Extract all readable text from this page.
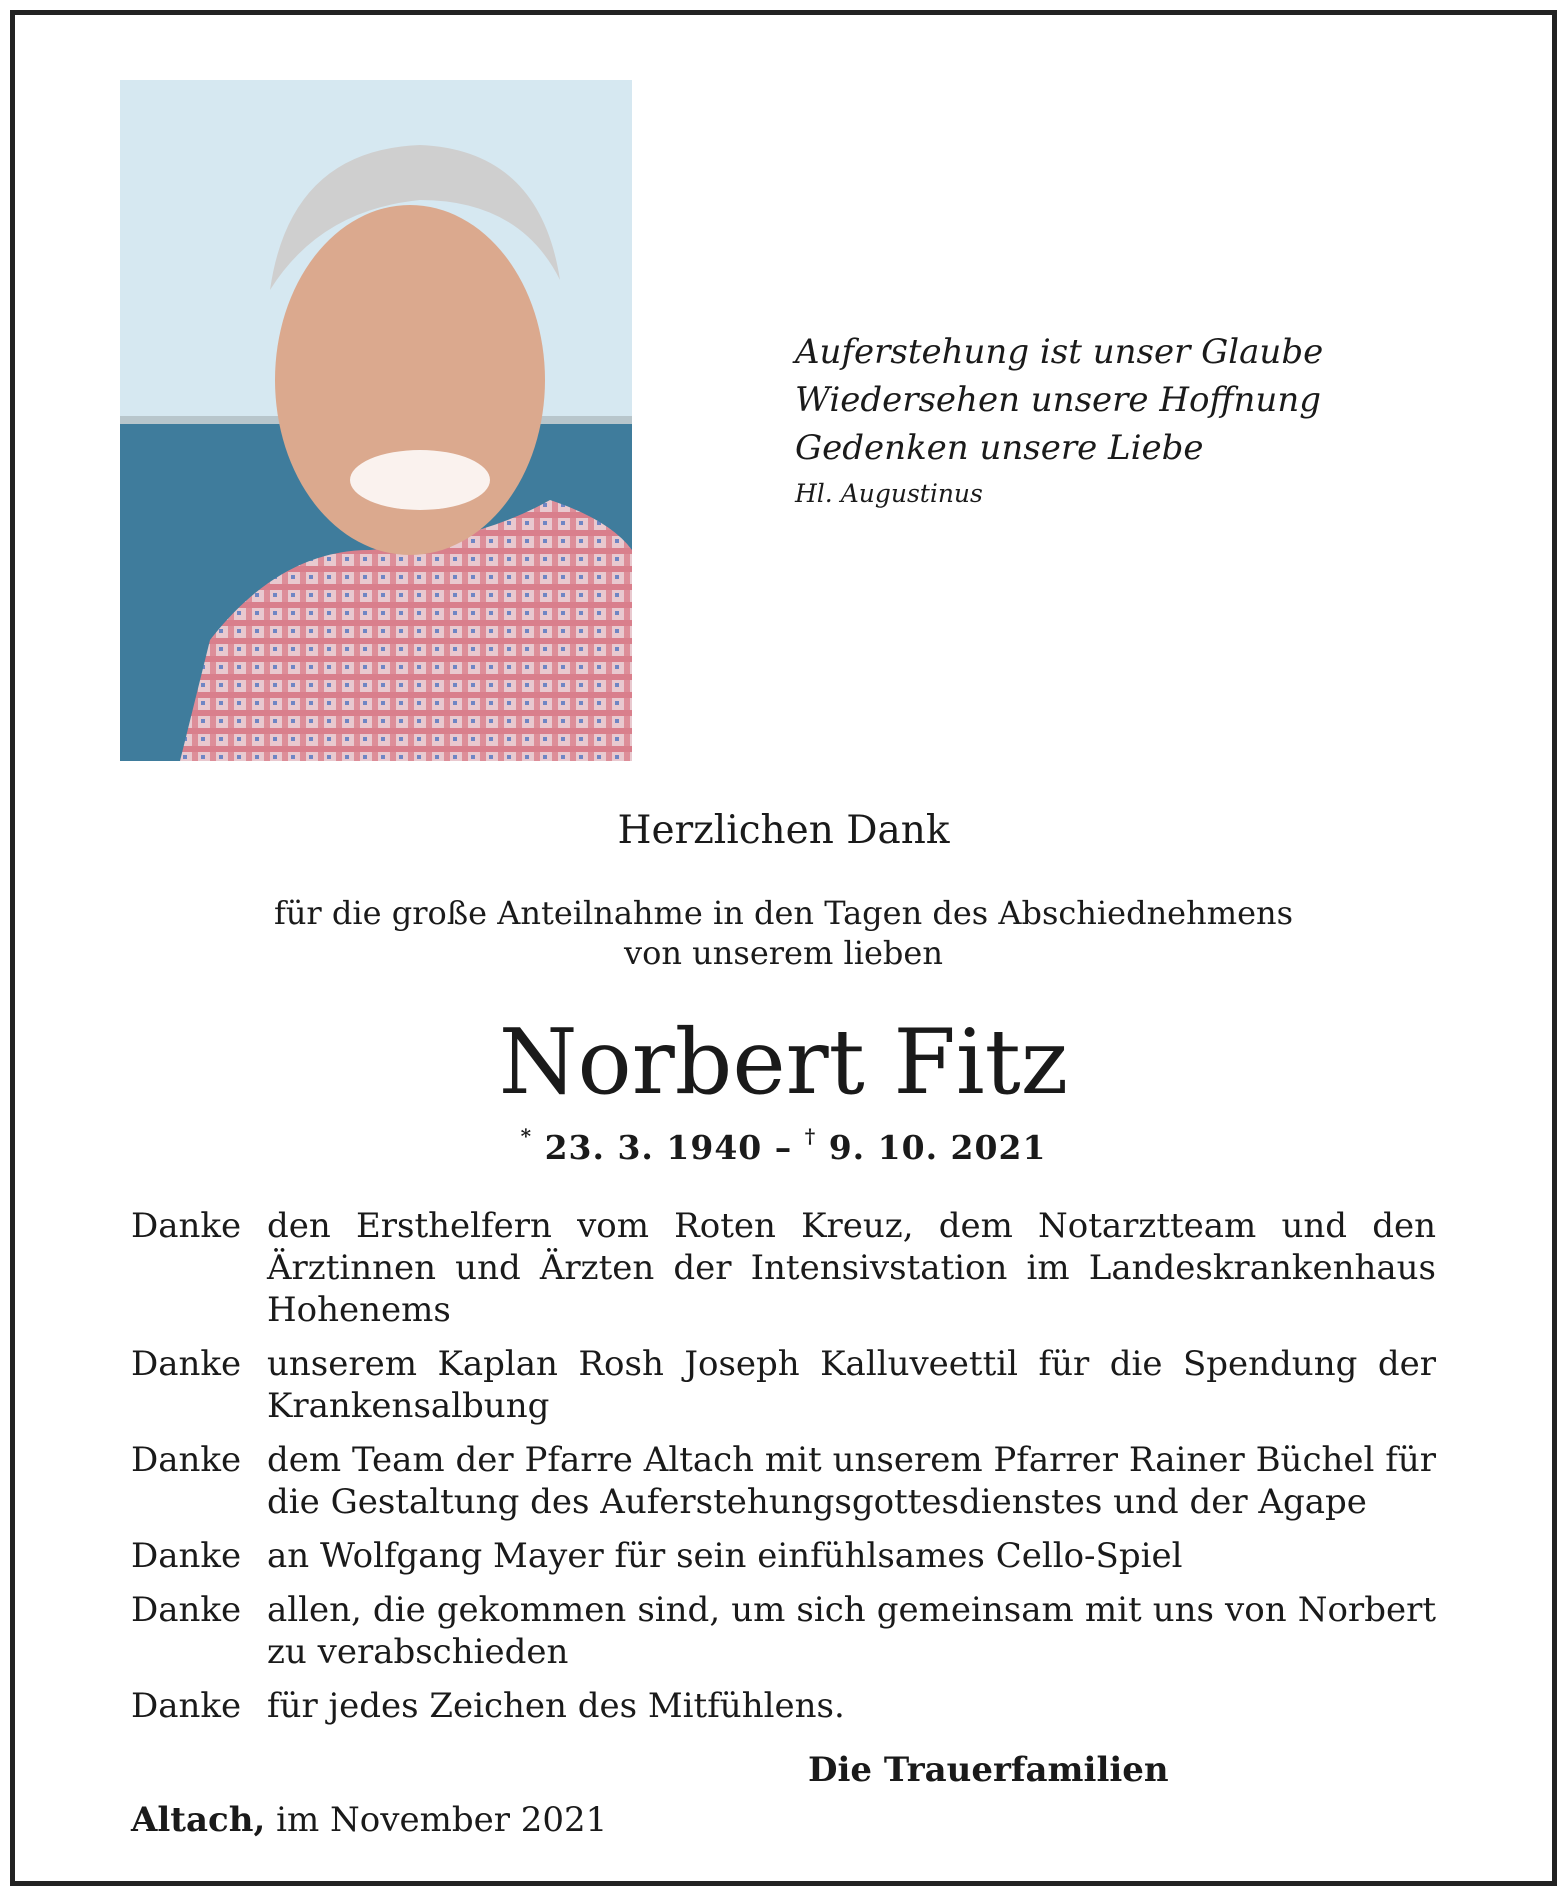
Auferstehung ist unser Glaube
Wiedersehen unsere Hoffnung
Gedenken unsere Liebe
Hl. Augustinus
Herzlichen Dank
für die große Anteilnahme in den Tagen des Abschiednehmens
von unserem lieben
Norbert Fitz
* 23. 3. 1940 – † 9. 10. 2021
Danke den Ersthelfern vom Roten Kreuz, dem Notarztteam und den Ärztinnen und Ärzten der Intensivstation im Landeskrankenhaus Hohenems
Danke unserem Kaplan Rosh Joseph Kalluveettil für die Spendung der Krankensalbung
Danke dem Team der Pfarre Altach mit unserem Pfarrer Rainer Büchel für die Gestaltung des Auferstehungsgottesdienstes und der Agape
Danke an Wolfgang Mayer für sein einfühlsames Cello-Spiel
Danke allen, die gekommen sind, um sich gemeinsam mit uns von Norbert zu verabschieden
Danke für jedes Zeichen des Mitfühlens.
Die Trauerfamilien
Altach, im November 2021
